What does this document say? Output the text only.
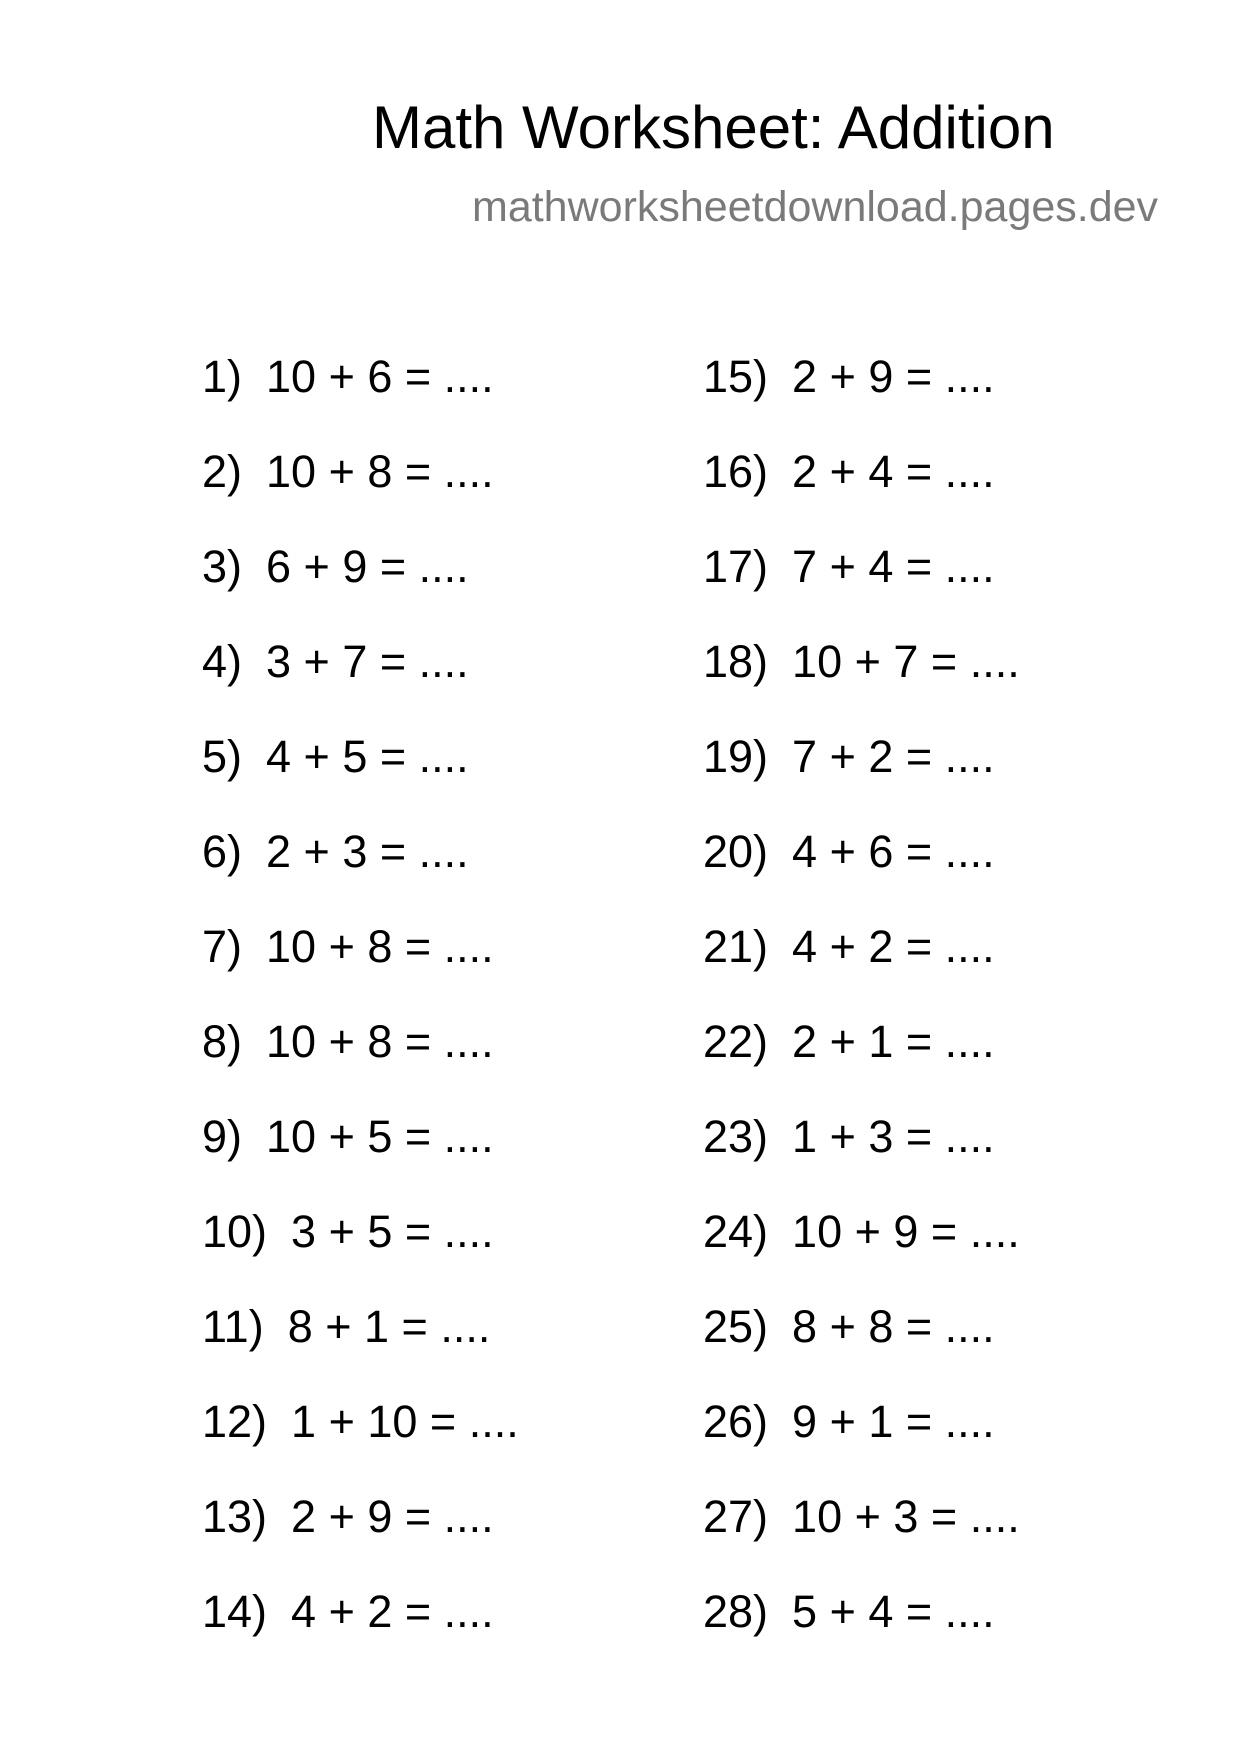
Math Worksheet: Addition
mathworksheetdownload.pages.dev
1) 10 + 6 = ....
2) 10 + 8 = ....
3) 6 + 9 = ....
4) 3 + 7 = ....
5) 4 + 5 = ....
6) 2 + 3 = ....
7) 10 + 8 = ....
8) 10 + 8 = ....
9) 10 + 5 = ....
10) 3 + 5 = ....
11) 8 + 1 = ....
12) 1 + 10 = ....
13) 2 + 9 = ....
14) 4 + 2 = ....
15) 2 + 9 = ....
16) 2 + 4 = ....
17) 7 + 4 = ....
18) 10 + 7 = ....
19) 7 + 2 = ....
20) 4 + 6 = ....
21) 4 + 2 = ....
22) 2 + 1 = ....
23) 1 + 3 = ....
24) 10 + 9 = ....
25) 8 + 8 = ....
26) 9 + 1 = ....
27) 10 + 3 = ....
28) 5 + 4 = ....
